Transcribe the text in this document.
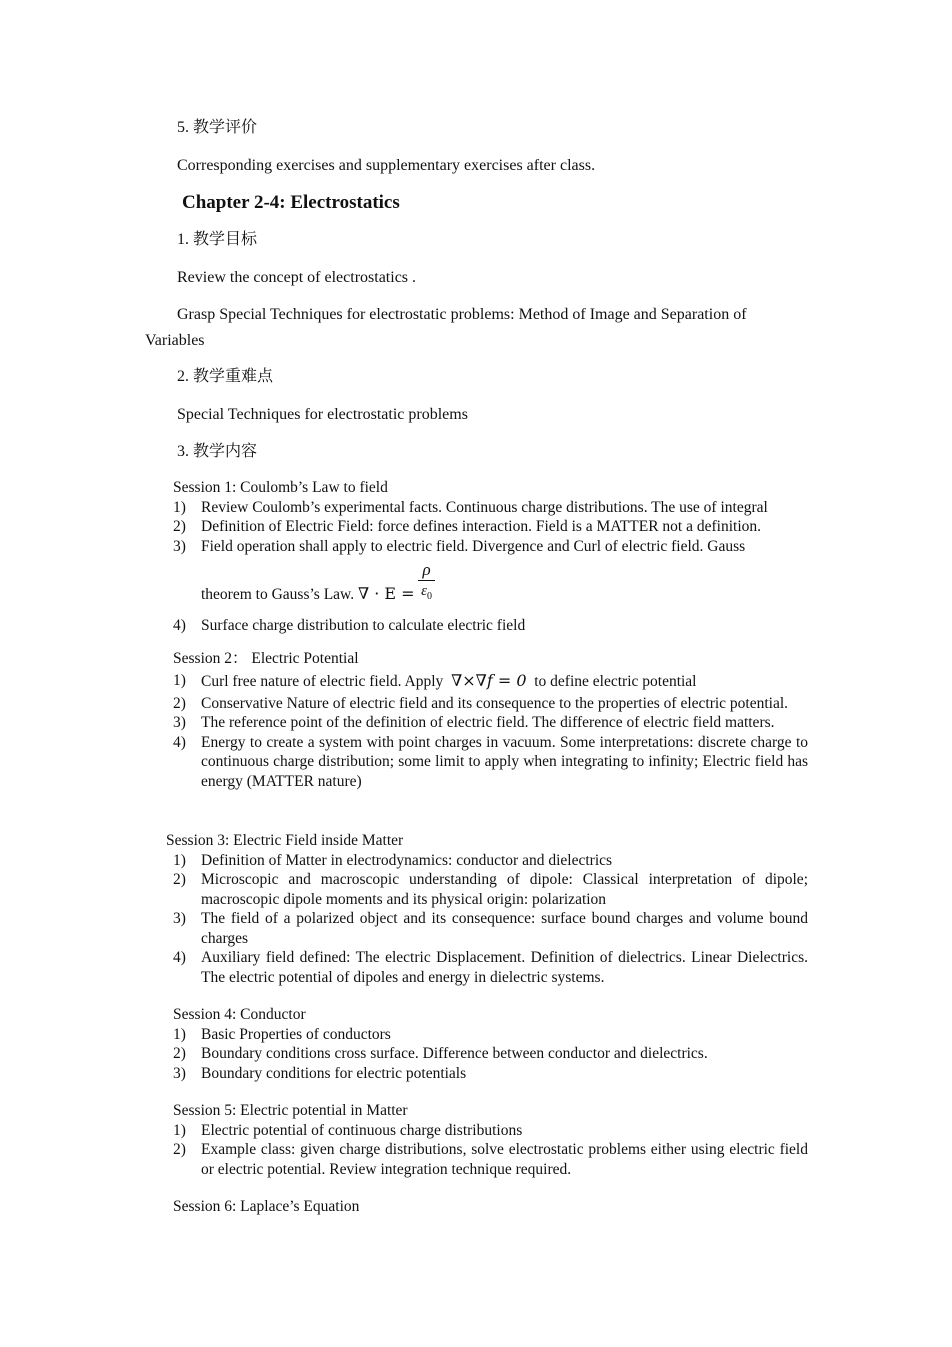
5. 教学评价
Corresponding exercises and supplementary exercises after class.
Chapter 2-4: Electrostatics
1. 教学目标
Review the concept of electrostatics .
Grasp Special Techniques for electrostatic problems: Method of Image and Separation of
Variables
2. 教学重难点
Special Techniques for electrostatic problems
3. 教学内容

Session 1: Coulomb’s Law to field

1) Review Coulomb’s experimental facts. Continuous charge distributions. The use of integral
2) Definition of Electric Field: force defines interaction. Field is a MATTER not a definition.
3) Field operation shall apply to electric field. Divergence and Curl of electric field. Gauss
theorem to Gauss’s Law. ∇ · $E = \frac{\rho}{\varepsilon_0}$
4) Surface charge distribution to calculate electric field

Session 2： Electric Potential

1) Curl free nature of electric field. Apply ∇×∇f = 0 to define electric potential
2) Conservative Nature of electric field and its consequence to the properties of electric potential.
3) The reference point of the definition of electric field. The difference of electric field matters.
4) Energy to create a system with point charges in vacuum. Some interpretations: discrete charge to continuous charge distribution; some limit to apply when integrating to infinity; Electric field has energy (MATTER nature)

Session 3: Electric Field inside Matter

1) Definition of Matter in electrodynamics: conductor and dielectrics
2) Microscopic and macroscopic understanding of dipole: Classical interpretation of dipole; macroscopic dipole moments and its physical origin: polarization
3) The field of a polarized object and its consequence: surface bound charges and volume bound charges
4) Auxiliary field defined: The electric Displacement. Definition of dielectrics. Linear Dielectrics. The electric potential of dipoles and energy in dielectric systems.

Session 4: Conductor

1) Basic Properties of conductors
2) Boundary conditions cross surface. Difference between conductor and dielectrics.
3) Boundary conditions for electric potentials

Session 5: Electric potential in Matter

1) Electric potential of continuous charge distributions
2) Example class: given charge distributions, solve electrostatic problems either using electric field or electric potential. Review integration technique required.

Session 6: Laplace’s Equation
